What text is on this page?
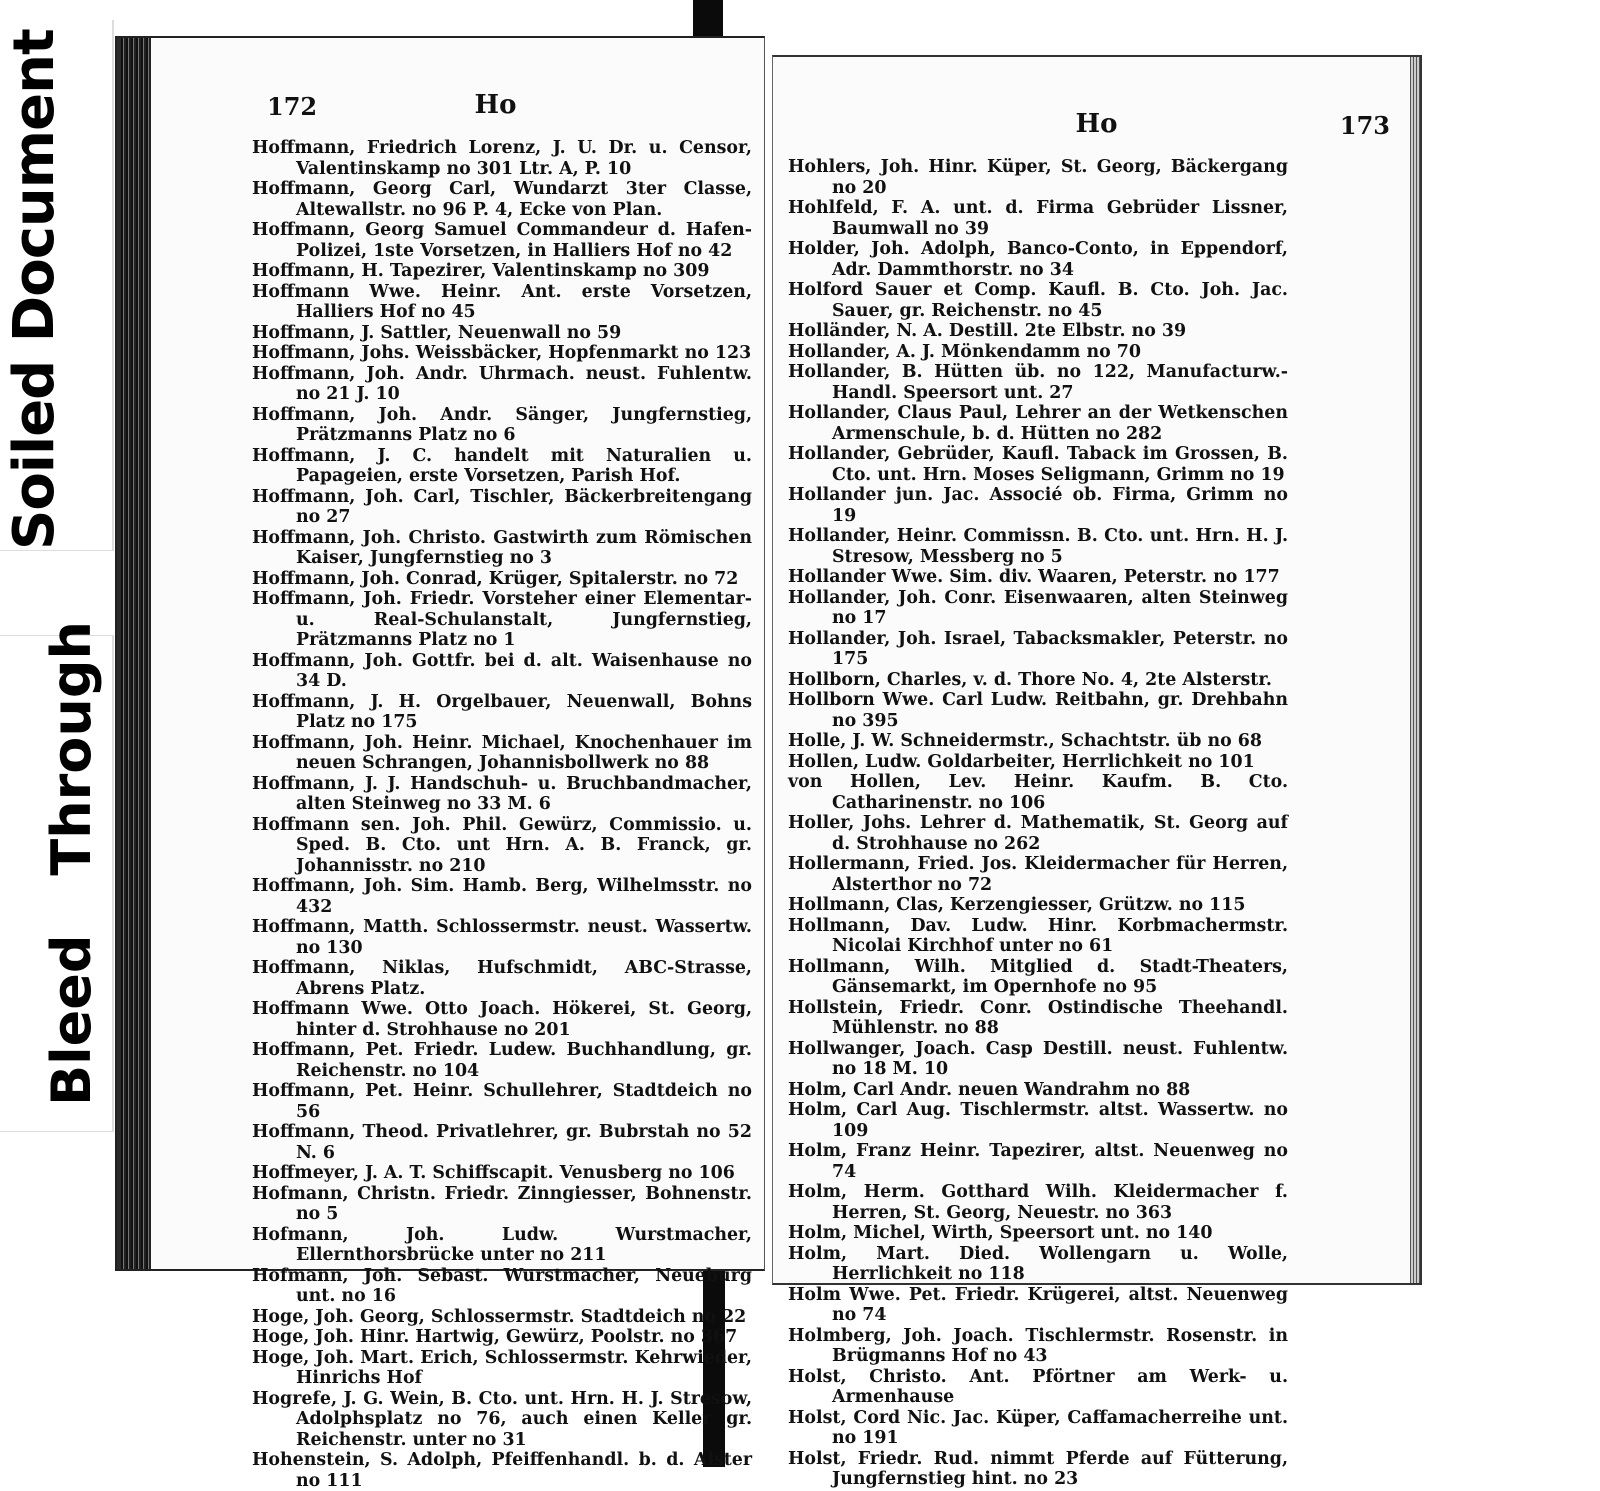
Soiled Document
Bleed Through
172	Ho

Hoffmann, Friedrich Lorenz, J. U. Dr. u. Censor, Valentinskamp no 301 Ltr. A, P. 10

Hoffmann, Georg Carl, Wundarzt 3ter Classe, Altewallstr. no 96 P. 4, Ecke von Plan.

Hoffmann, Georg Samuel Commandeur d. Hafen-Polizei, 1ste Vorsetzen, in Halliers Hof no 42

Hoffmann, H. Tapezirer, Valentinskamp no 309

Hoffmann Wwe. Heinr. Ant. erste Vorsetzen, Halliers Hof no 45

Hoffmann, J. Sattler, Neuenwall no 59

Hoffmann, Johs. Weissbäcker, Hopfenmarkt no 123

Hoffmann, Joh. Andr. Uhrmach. neust. Fuhlentw. no 21 J. 10

Hoffmann, Joh. Andr. Sänger, Jungfernstieg, Prätzmanns Platz no 6

Hoffmann, J. C. handelt mit Naturalien u. Papageien, erste Vorsetzen, Parish Hof.

Hoffmann, Joh. Carl, Tischler, Bäckerbreitengang no 27

Hoffmann, Joh. Christo. Gastwirth zum Römischen Kaiser, Jungfernstieg no 3

Hoffmann, Joh. Conrad, Krüger, Spitalerstr. no 72

Hoffmann, Joh. Friedr. Vorsteher einer Elementar- u. Real-Schulanstalt, Jungfernstieg, Prätzmanns Platz no 1

Hoffmann, Joh. Gottfr. bei d. alt. Waisenhause no 34 D.

Hoffmann, J. H. Orgelbauer, Neuenwall, Bohns Platz no 175

Hoffmann, Joh. Heinr. Michael, Knochenhauer im neuen Schrangen, Johannisbollwerk no 88

Hoffmann, J. J. Handschuh- u. Bruchbandmacher, alten Steinweg no 33 M. 6

Hoffmann sen. Joh. Phil. Gewürz, Commissio. u. Sped. B. Cto. unt Hrn. A. B. Franck, gr. Johannisstr. no 210

Hoffmann, Joh. Sim. Hamb. Berg, Wilhelmsstr. no 432

Hoffmann, Matth. Schlossermstr. neust. Wassertw. no 130

Hoffmann, Niklas, Hufschmidt, ABC-Strasse, Abrens Platz.

Hoffmann Wwe. Otto Joach. Hökerei, St. Georg, hinter d. Strohhause no 201

Hoffmann, Pet. Friedr. Ludew. Buchhandlung, gr. Reichenstr. no 104

Hoffmann, Pet. Heinr. Schullehrer, Stadtdeich no 56

Hoffmann, Theod. Privatlehrer, gr. Bubrstah no 52 N. 6

Hoffmeyer, J. A. T. Schiffscapit. Venusberg no 106

Hofmann, Christn. Friedr. Zinngiesser, Bohnenstr. no 5

Hofmann, Joh. Ludw. Wurstmacher, Ellernthorsbrücke unter no 211

Hofmann, Joh. Sebast. Wurstmacher, Neueburg unt. no 16

Hoge, Joh. Georg, Schlossermstr. Stadtdeich no 22

Hoge, Joh. Hinr. Hartwig, Gewürz, Poolstr. no 367

Hoge, Joh. Mart. Erich, Schlossermstr. Kehrwieder, Hinrichs Hof

Hogrefe, J. G. Wein, B. Cto. unt. Hrn. H. J. Stresow, Adolphsplatz no 76, auch einen Keller gr. Reichenstr. unter no 31

Hohenstein, S. Adolph, Pfeiffenhandl. b. d. Alster no 111

Ho	173

Hohlers, Joh. Hinr. Küper, St. Georg, Bäckergang no 20

Hohlfeld, F. A. unt. d. Firma Gebrüder Lissner, Baumwall no 39

Holder, Joh. Adolph, Banco-Conto, in Eppendorf, Adr. Dammthorstr. no 34

Holford Sauer et Comp. Kaufl. B. Cto. Joh. Jac. Sauer, gr. Reichenstr. no 45

Holländer, N. A. Destill. 2te Elbstr. no 39

Hollander, A. J. Mönkendamm no 70

Hollander, B. Hütten üb. no 122, Manufacturw.-Handl. Speersort unt. 27

Hollander, Claus Paul, Lehrer an der Wetkenschen Armenschule, b. d. Hütten no 282

Hollander, Gebrüder, Kaufl. Taback im Grossen, B. Cto. unt. Hrn. Moses Seligmann, Grimm no 19

Hollander jun. Jac. Associé ob. Firma, Grimm no 19

Hollander, Heinr. Commissn. B. Cto. unt. Hrn. H. J. Stresow, Messberg no 5

Hollander Wwe. Sim. div. Waaren, Peterstr. no 177

Hollander, Joh. Conr. Eisenwaaren, alten Steinweg no 17

Hollander, Joh. Israel, Tabacksmakler, Peterstr. no 175

Hollborn, Charles, v. d. Thore No. 4, 2te Alsterstr.

Hollborn Wwe. Carl Ludw. Reitbahn, gr. Drehbahn no 395

Holle, J. W. Schneidermstr., Schachtstr. üb no 68

Hollen, Ludw. Goldarbeiter, Herrlichkeit no 101

von Hollen, Lev. Heinr. Kaufm. B. Cto. Catharinenstr. no 106

Holler, Johs. Lehrer d. Mathematik, St. Georg auf d. Strohhause no 262

Hollermann, Fried. Jos. Kleidermacher für Herren, Alsterthor no 72

Hollmann, Clas, Kerzengiesser, Grützw. no 115

Hollmann, Dav. Ludw. Hinr. Korbmachermstr. Nicolai Kirchhof unter no 61

Hollmann, Wilh. Mitglied d. Stadt-Theaters, Gänsemarkt, im Opernhofe no 95

Hollstein, Friedr. Conr. Ostindische Theehandl. Mühlenstr. no 88

Hollwanger, Joach. Casp Destill. neust. Fuhlentw. no 18 M. 10

Holm, Carl Andr. neuen Wandrahm no 88

Holm, Carl Aug. Tischlermstr. altst. Wassertw. no 109

Holm, Franz Heinr. Tapezirer, altst. Neuenweg no 74

Holm, Herm. Gotthard Wilh. Kleidermacher f. Herren, St. Georg, Neuestr. no 363

Holm, Michel, Wirth, Speersort unt. no 140

Holm, Mart. Died. Wollengarn u. Wolle, Herrlichkeit no 118

Holm Wwe. Pet. Friedr. Krügerei, altst. Neuenweg no 74

Holmberg, Joh. Joach. Tischlermstr. Rosenstr. in Brügmanns Hof no 43

Holst, Christo. Ant. Pförtner am Werk- u. Armenhause

Holst, Cord Nic. Jac. Küper, Caffamacherreihe unt. no 191

Holst, Friedr. Rud. nimmt Pferde auf Fütterung, Jungfernstieg hint. no 23
